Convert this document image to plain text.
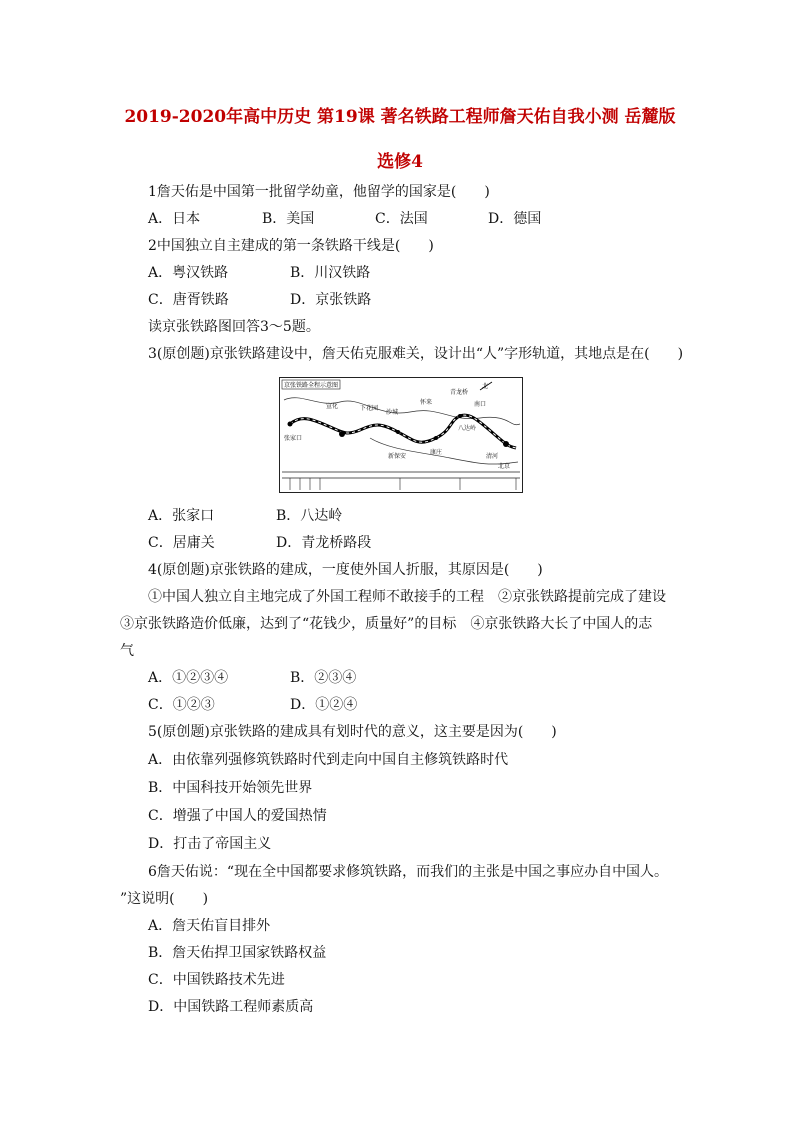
2019-2020年高中历史 第19课 著名铁路工程师詹天佑自我小测 岳麓版
选修4
1詹天佑是中国第一批留学幼童，他留学的国家是(　　)
A．日本	B．美国	C．法国	D．德国
2中国独立自主建成的第一条铁路干线是(　　)
A．粤汉铁路	B．川汉铁路
C．唐胥铁路	D．京张铁路
读京张铁路图回答3～5题。
3(原创题)京张铁路建设中，詹天佑克服难关，设计出“人”字形轨道，其地点是在(　　)
京张铁路全程示意图	北
张家口
宣化	下花园
沙城
新保安
怀来
康庄
青龙桥
八达岭
南口
清河
北京
A．张家口	B．八达岭
C．居庸关	D．青龙桥路段
4(原创题)京张铁路的建成，一度使外国人折服，其原因是(　　)
①中国人独立自主地完成了外国工程师不敢接手的工程　②京张铁路提前完成了建设
③京张铁路造价低廉，达到了“花钱少，质量好”的目标　④京张铁路大长了中国人的志
气
A．①②③④	B．②③④
C．①②③	D．①②④
5(原创题)京张铁路的建成具有划时代的意义，这主要是因为(　　)
A．由依靠列强修筑铁路时代到走向中国自主修筑铁路时代
B．中国科技开始领先世界
C．增强了中国人的爱国热情
D．打击了帝国主义
6詹天佑说：“现在全中国都要求修筑铁路，而我们的主张是中国之事应办自中国人。
”这说明(　　)
A．詹天佑盲目排外
B．詹天佑捍卫国家铁路权益
C．中国铁路技术先进
D．中国铁路工程师素质高
